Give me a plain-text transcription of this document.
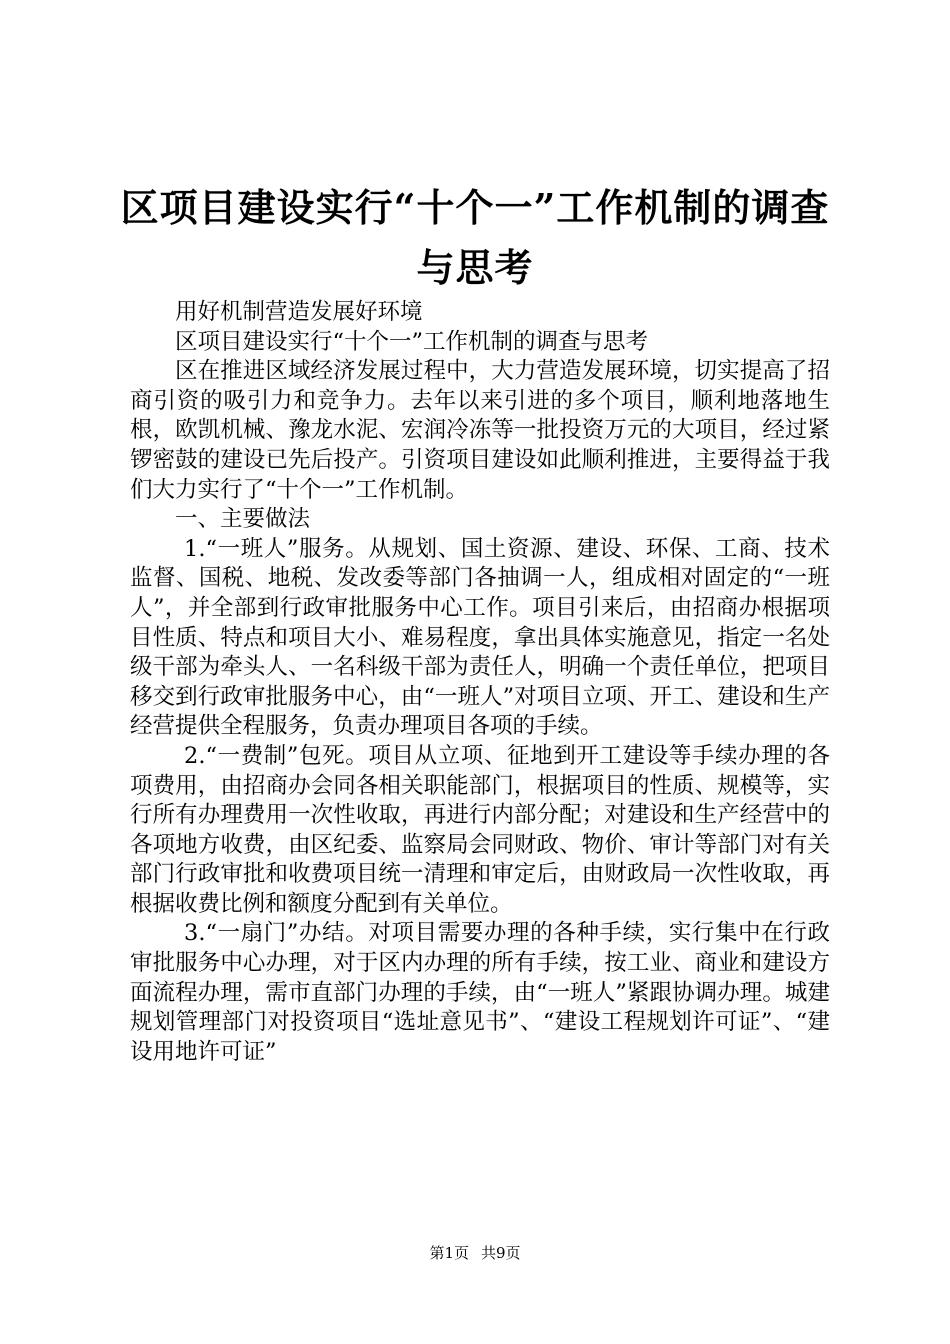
区项目建设实行“十个一”工作机制的调查与思考

用好机制营造发展好环境

区项目建设实行“十个一”工作机制的调查与思考

区在推进区域经济发展过程中，大力营造发展环境，切实提高了招商引资的吸引力和竞争力。去年以来引进的多个项目，顺利地落地生根，欧凯机械、豫龙水泥、宏润冷冻等一批投资万元的大项目，经过紧锣密鼓的建设已先后投产。引资项目建设如此顺利推进，主要得益于我们大力实行了“十个一”工作机制。

一、主要做法

1.“一班人”服务。从规划、国土资源、建设、环保、工商、技术监督、国税、地税、发改委等部门各抽调一人，组成相对固定的“一班人”，并全部到行政审批服务中心工作。项目引来后，由招商办根据项目性质、特点和项目大小、难易程度，拿出具体实施意见，指定一名处级干部为牵头人、一名科级干部为责任人，明确一个责任单位，把项目移交到行政审批服务中心，由“一班人”对项目立项、开工、建设和生产经营提供全程服务，负责办理项目各项的手续。

2.“一费制”包死。项目从立项、征地到开工建设等手续办理的各项费用，由招商办会同各相关职能部门，根据项目的性质、规模等，实行所有办理费用一次性收取，再进行内部分配；对建设和生产经营中的各项地方收费，由区纪委、监察局会同财政、物价、审计等部门对有关部门行政审批和收费项目统一清理和审定后，由财政局一次性收取，再根据收费比例和额度分配到有关单位。

3.“一扇门”办结。对项目需要办理的各种手续，实行集中在行政审批服务中心办理，对于区内办理的所有手续，按工业、商业和建设方面流程办理，需市直部门办理的手续，由“一班人”紧跟协调办理。城建规划管理部门对投资项目“选址意见书”、“建设工程规划许可证”、“建设用地许可证”

第1页 共9页
